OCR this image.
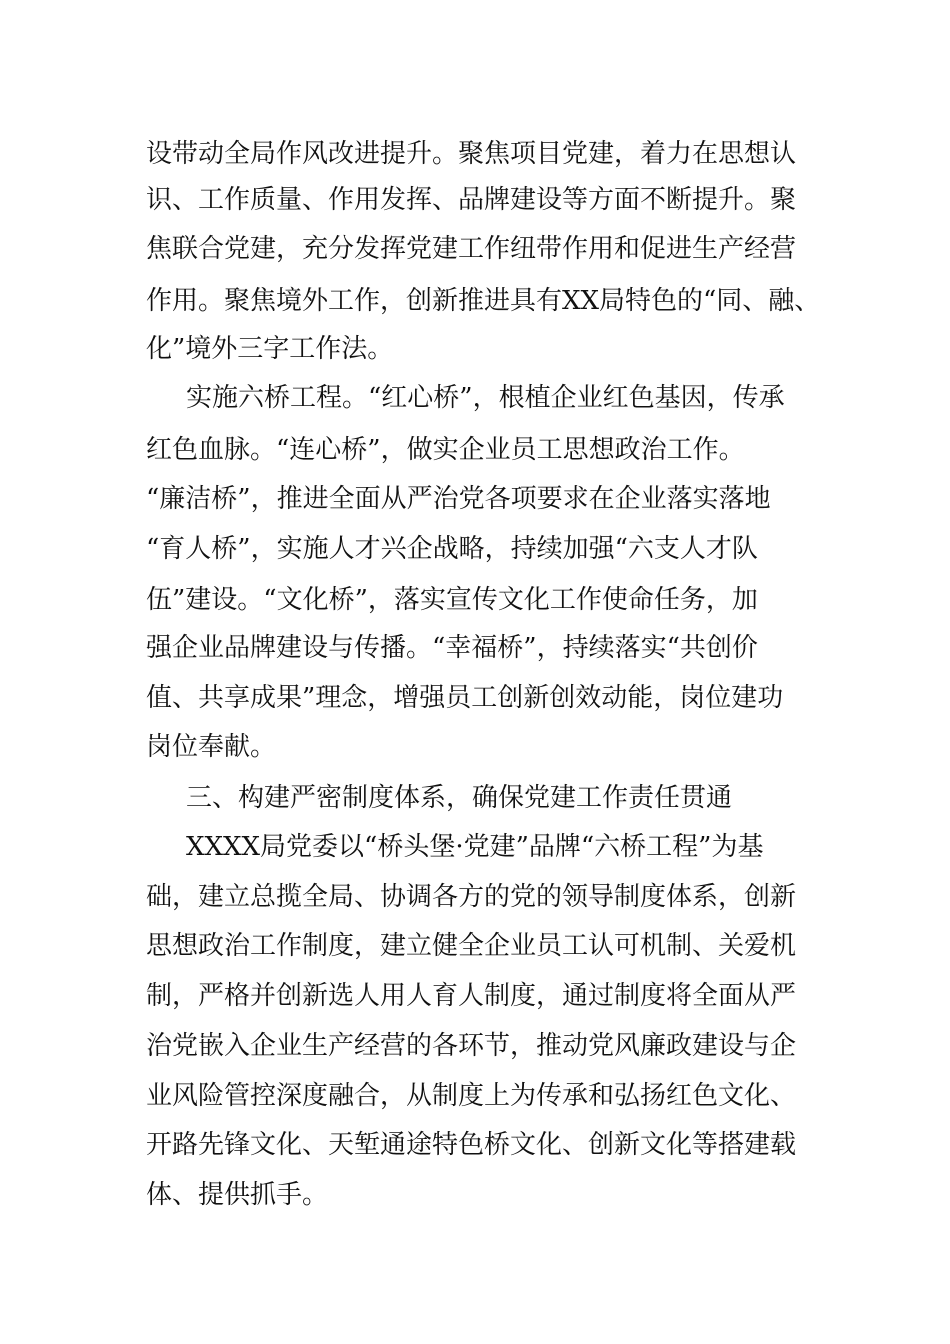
设带动全局作风改进提升。聚焦项目党建，着力在思想认
识、工作质量、作用发挥、品牌建设等方面不断提升。聚
焦联合党建，充分发挥党建工作纽带作用和促进生产经营
作用。聚焦境外工作，创新推进具有XX局特色的“同、融、
化”境外三字工作法。
实施六桥工程。“红心桥”，根植企业红色基因，传承
红色血脉。“连心桥”，做实企业员工思想政治工作。
“廉洁桥”，推进全面从严治党各项要求在企业落实落地
“育人桥”，实施人才兴企战略，持续加强“六支人才队
伍”建设。“文化桥”，落实宣传文化工作使命任务，加
强企业品牌建设与传播。“幸福桥”，持续落实“共创价
值、共享成果”理念，增强员工创新创效动能，岗位建功
岗位奉献。
三、构建严密制度体系，确保党建工作责任贯通
XXXX局党委以“桥头堡·党建”品牌“六桥工程”为基
础，建立总揽全局、协调各方的党的领导制度体系，创新
思想政治工作制度，建立健全企业员工认可机制、关爱机
制，严格并创新选人用人育人制度，通过制度将全面从严
治党嵌入企业生产经营的各环节，推动党风廉政建设与企
业风险管控深度融合，从制度上为传承和弘扬红色文化、
开路先锋文化、天堑通途特色桥文化、创新文化等搭建载
体、提供抓手。
